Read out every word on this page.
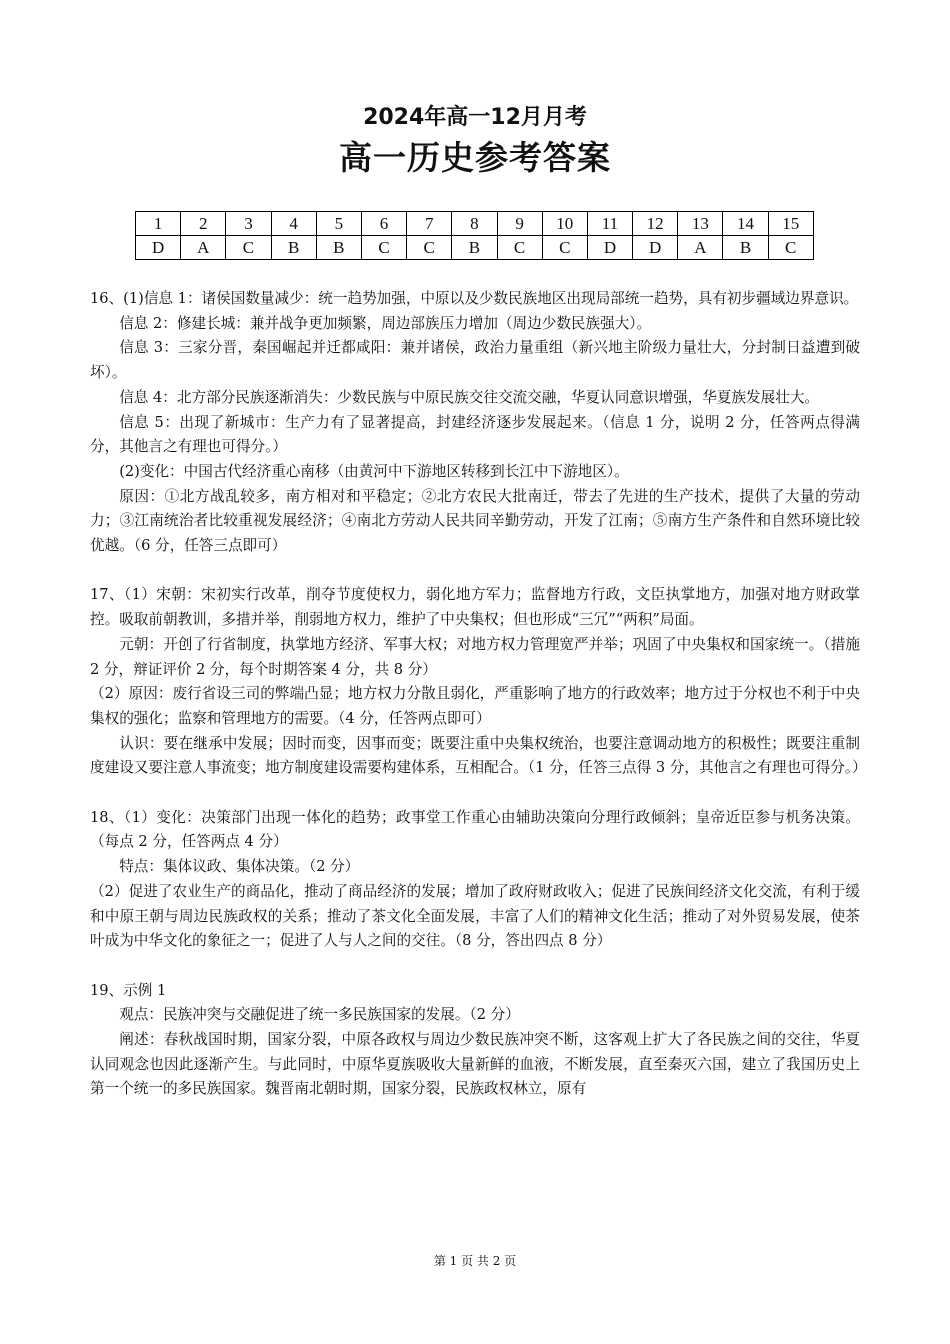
2024年高一12月月考
高一历史参考答案
1	2	3	4	5	6	7	8	9	10	11	12	13	14	15
D	A	C	B	B	C	C	B	C	C	D	D	A	B	C

16、(1)信息 1：诸侯国数量减少：统一趋势加强，中原以及少数民族地区出现局部统一趋势，具有初步疆域边界意识。

信息 2：修建长城：兼并战争更加频繁，周边部族压力增加（周边少数民族强大）。

信息 3：三家分晋，秦国崛起并迁都咸阳：兼并诸侯，政治力量重组（新兴地主阶级力量壮大，分封制日益遭到破坏）。

信息 4：北方部分民族逐渐消失：少数民族与中原民族交往交流交融，华夏认同意识增强，华夏族发展壮大。

信息 5：出现了新城市：生产力有了显著提高，封建经济逐步发展起来。（信息 1 分，说明 2 分，任答两点得满分，其他言之有理也可得分。）

(2)变化：中国古代经济重心南移（由黄河中下游地区转移到长江中下游地区）。

原因：①北方战乱较多，南方相对和平稳定；②北方农民大批南迁，带去了先进的生产技术，提供了大量的劳动力；③江南统治者比较重视发展经济；④南北方劳动人民共同辛勤劳动，开发了江南；⑤南方生产条件和自然环境比较优越。（6 分，任答三点即可）

17、（1）宋朝：宋初实行改革，削夺节度使权力，弱化地方军力；监督地方行政，文臣执掌地方，加强对地方财政掌控。吸取前朝教训，多措并举，削弱地方权力，维护了中央集权；但也形成“三冗”“两积”局面。

元朝：开创了行省制度，执掌地方经济、军事大权；对地方权力管理宽严并举；巩固了中央集权和国家统一。（措施 2 分，辩证评价 2 分，每个时期答案 4 分，共 8 分）

（2）原因：废行省设三司的弊端凸显；地方权力分散且弱化，严重影响了地方的行政效率；地方过于分权也不利于中央集权的强化；监察和管理地方的需要。（4 分，任答两点即可）

认识：要在继承中发展；因时而变，因事而变；既要注重中央集权统治，也要注意调动地方的积极性；既要注重制度建设又要注意人事流变；地方制度建设需要构建体系，互相配合。（1 分，任答三点得 3 分，其他言之有理也可得分。）

18、（1）变化：决策部门出现一体化的趋势；政事堂工作重心由辅助决策向分理行政倾斜；皇帝近臣参与机务决策。（每点 2 分，任答两点 4 分）

特点：集体议政、集体决策。（2 分）

（2）促进了农业生产的商品化，推动了商品经济的发展；增加了政府财政收入；促进了民族间经济文化交流，有利于缓和中原王朝与周边民族政权的关系；推动了茶文化全面发展，丰富了人们的精神文化生活；推动了对外贸易发展，使茶叶成为中华文化的象征之一；促进了人与人之间的交往。（8 分，答出四点 8 分）

19、示例 1

观点：民族冲突与交融促进了统一多民族国家的发展。（2 分）

阐述：春秋战国时期，国家分裂，中原各政权与周边少数民族冲突不断，这客观上扩大了各民族之间的交往，华夏认同观念也因此逐渐产生。与此同时，中原华夏族吸收大量新鲜的血液，不断发展，直至秦灭六国，建立了我国历史上第一个统一的多民族国家。魏晋南北朝时期，国家分裂，民族政权林立，原有

第 1 页 共 2 页
